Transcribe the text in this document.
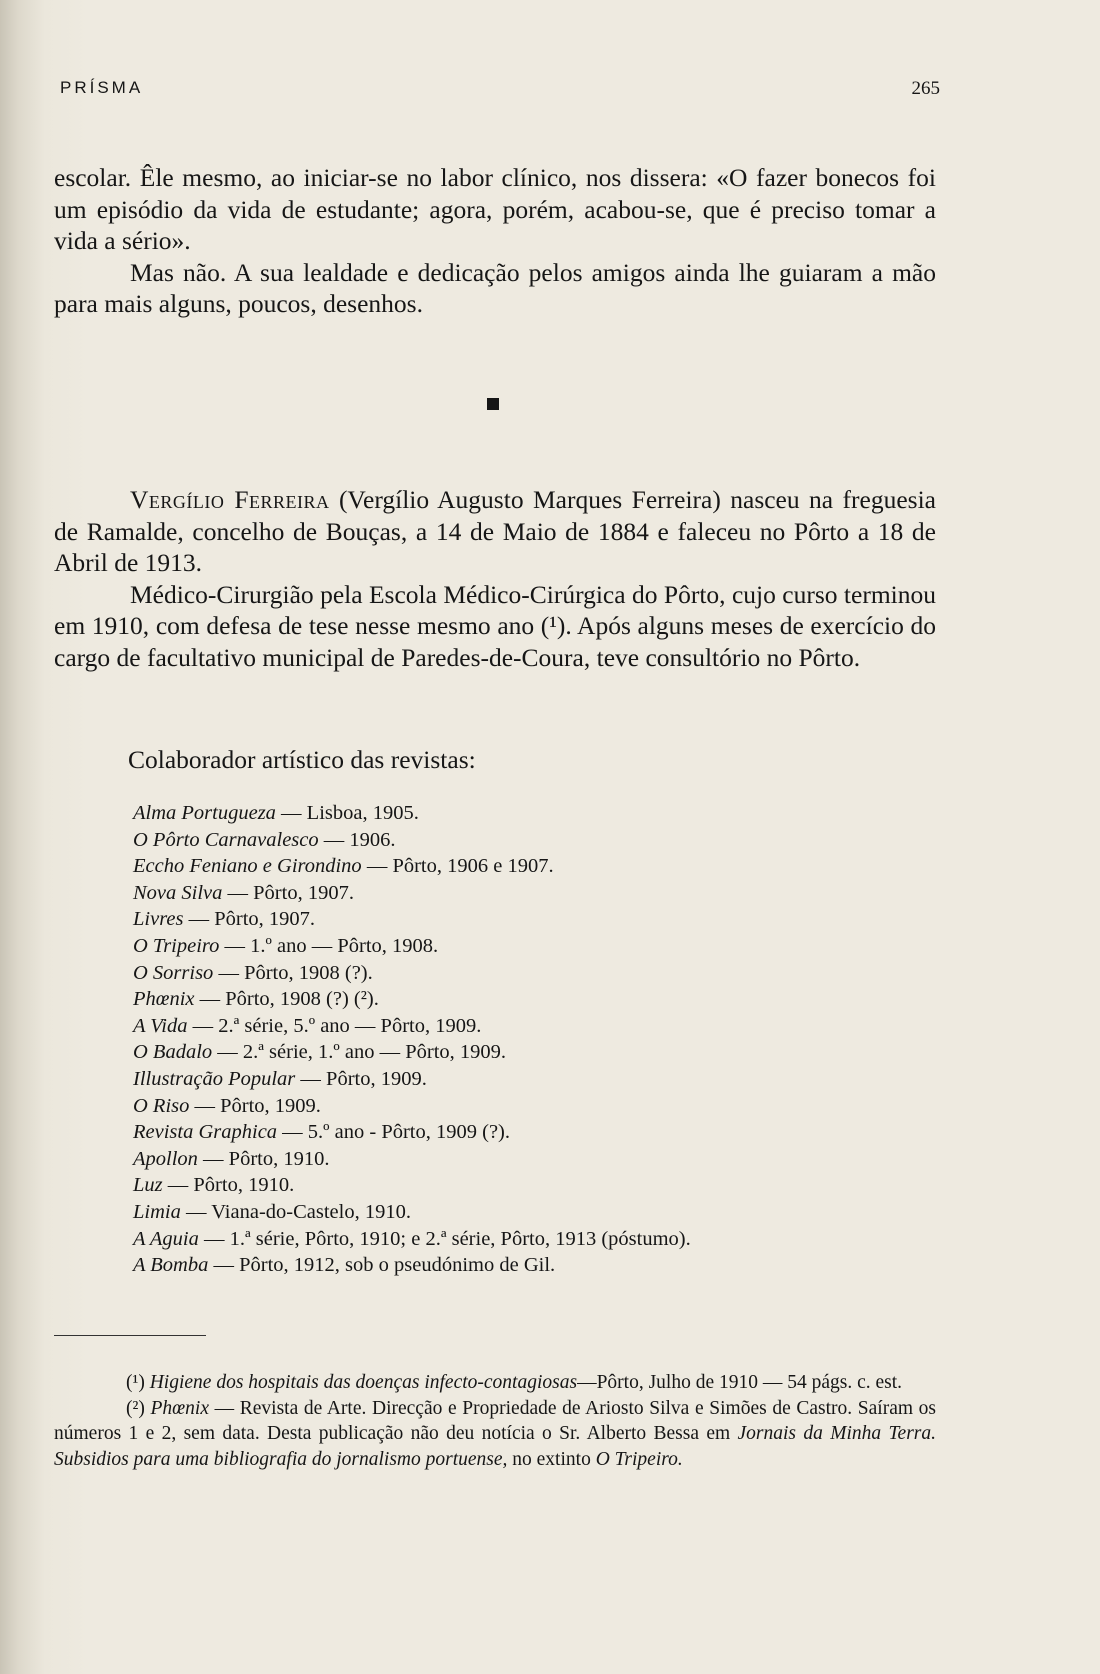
PRÍSMA	265

escolar. Êle mesmo, ao iniciar-se no labor clínico, nos dissera: «O fazer bonecos foi um episódio da vida de estudante; agora, porém, acabou-se, que é preciso tomar a vida a sério».

Mas não. A sua lealdade e dedicação pelos amigos ainda lhe guiaram a mão para mais alguns, poucos, desenhos.

Vergílio Ferreira (Vergílio Augusto Marques Ferreira) nasceu na freguesia de Ramalde, concelho de Bouças, a 14 de Maio de 1884 e faleceu no Pôrto a 18 de Abril de 1913.

Médico-Cirurgião pela Escola Médico-Cirúrgica do Pôrto, cujo curso terminou em 1910, com defesa de tese nesse mesmo ano (¹). Após alguns meses de exercício do cargo de facultativo municipal de Paredes-de-Coura, teve consultório no Pôrto.

Colaborador artístico das revistas:
Alma Portugueza — Lisboa, 1905.
O Pôrto Carnavalesco — 1906.
Eccho Feniano e Girondino — Pôrto, 1906 e 1907.
Nova Silva — Pôrto, 1907.
Livres — Pôrto, 1907.
O Tripeiro — 1.º ano — Pôrto, 1908.
O Sorriso — Pôrto, 1908 (?).
Phœnix — Pôrto, 1908 (?) (²).
A Vida — 2.ª série, 5.º ano — Pôrto, 1909.
O Badalo — 2.ª série, 1.º ano — Pôrto, 1909.
Illustração Popular — Pôrto, 1909.
O Riso — Pôrto, 1909.
Revista Graphica — 5.º ano - Pôrto, 1909 (?).
Apollon — Pôrto, 1910.
Luz — Pôrto, 1910.
Limia — Viana-do-Castelo, 1910.
A Aguia — 1.ª série, Pôrto, 1910; e 2.ª série, Pôrto, 1913 (póstumo).
A Bomba — Pôrto, 1912, sob o pseudónimo de Gil.

(¹) Higiene dos hospitais das doenças infecto-contagiosas—Pôrto, Julho de 1910 — 54 págs. c. est.

(²) Phœnix — Revista de Arte. Direcção e Propriedade de Ariosto Silva e Simões de Castro. Saíram os números 1 e 2, sem data. Desta publicação não deu notícia o Sr. Alberto Bessa em Jornais da Minha Terra. Subsidios para uma bibliografia do jornalismo portuense, no extinto O Tripeiro.
